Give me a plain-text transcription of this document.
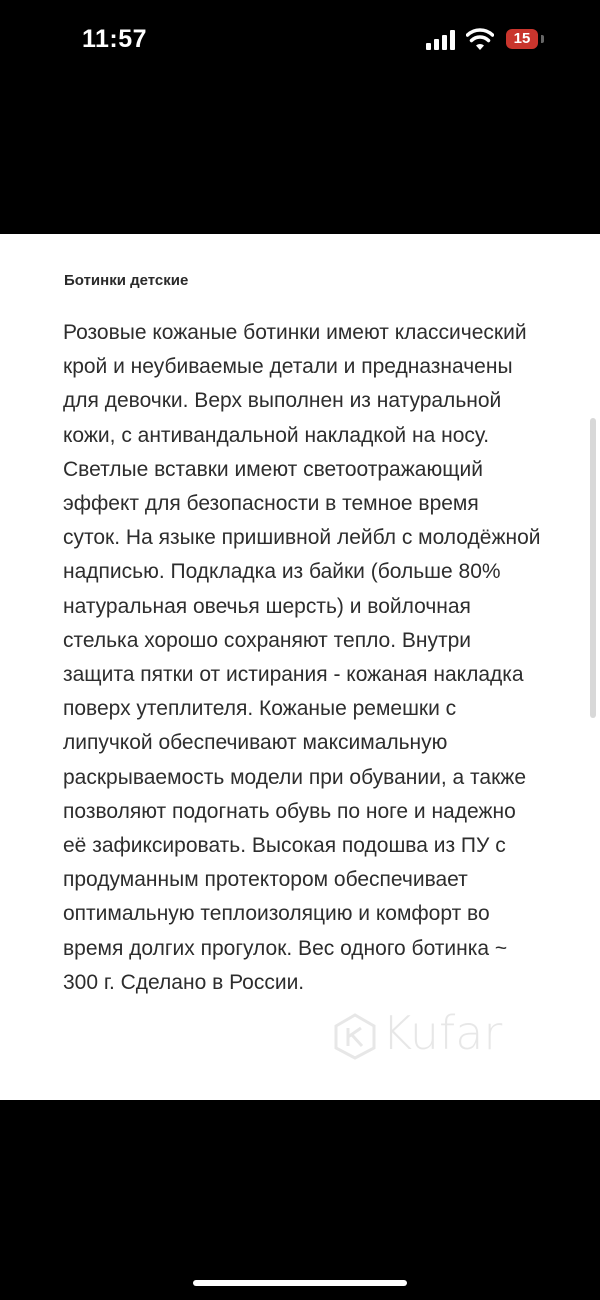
11:57	15
Ботинки детские

Розовые кожаные ботинки имеют классический крой и неубиваемые детали и предназначены для девочки. Верх выполнен из натуральной кожи, с антивандальной накладкой на носу. Светлые вставки имеют светоотражающий эффект для безопасности в темное время суток. На языке пришивной лейбл с молодёжной надписью. Подкладка из байки (больше 80% натуральная овечья шерсть) и войлочная стелька хорошо сохраняют тепло. Внутри защита пятки от истирания - кожаная накладка поверх утеплителя. Кожаные ремешки с липучкой обеспечивают максимальную раскрываемость модели при обувании, а также позволяют подогнать обувь по ноге и надежно её зафиксировать. Высокая подошва из ПУ с продуманным протектором обеспечивает оптимальную теплоизоляцию и комфорт во время долгих прогулок. Вес одного ботинка ~ 300 г. Сделано в России.

Kufar
